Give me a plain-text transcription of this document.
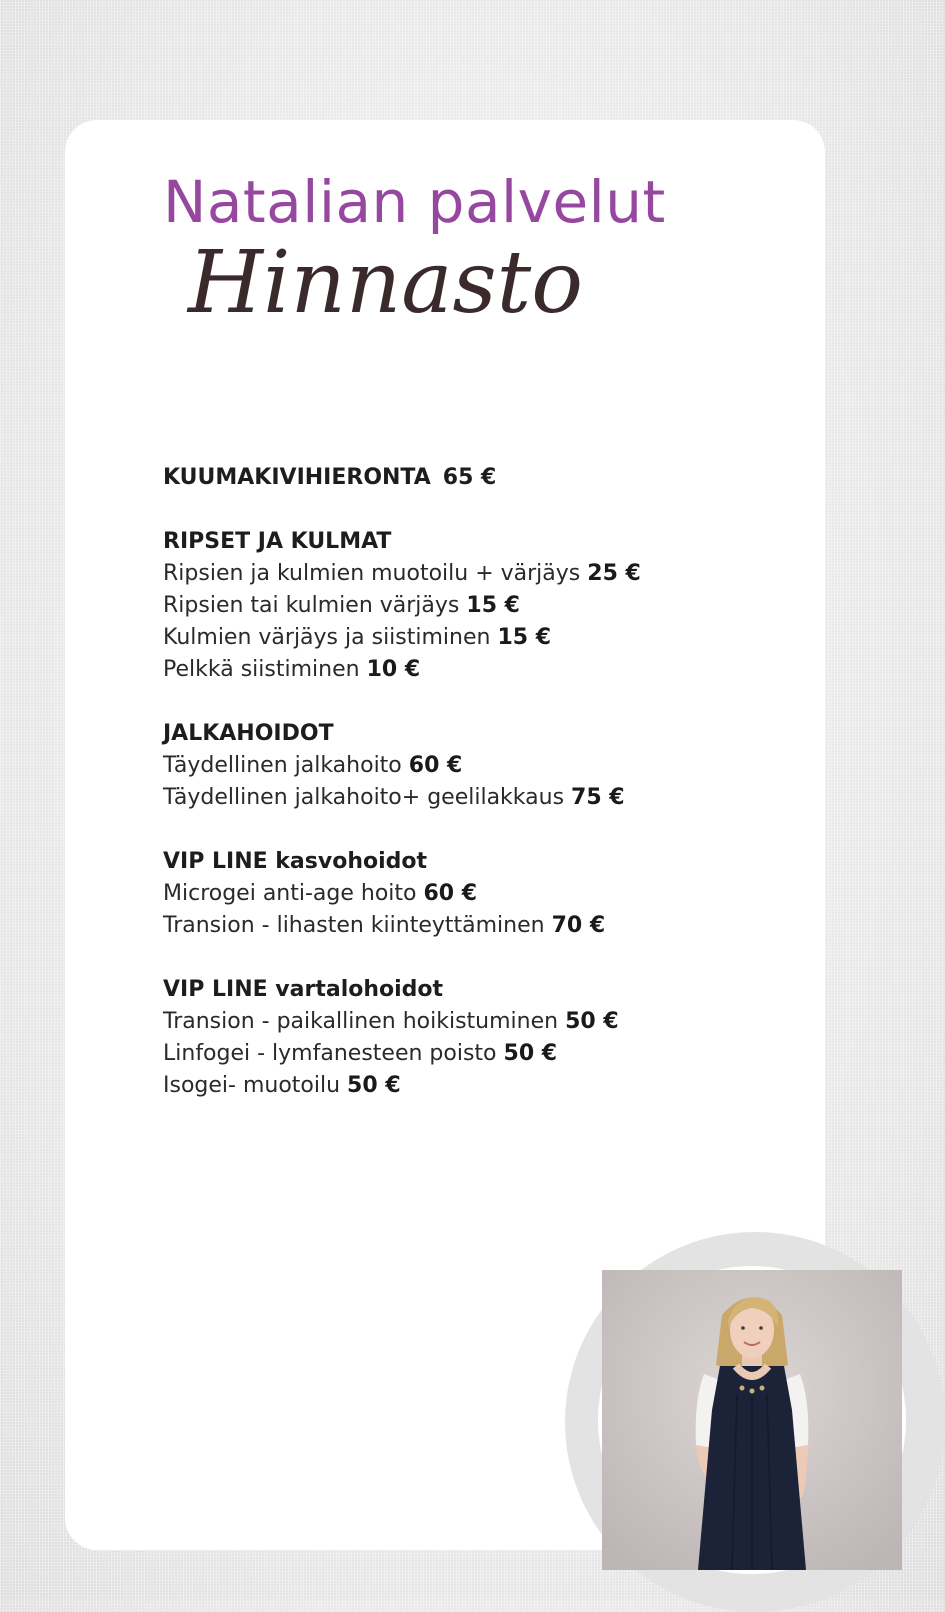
Natalian palvelut
Hinnasto
KUUMAKIVIHIERONTA 65 €
RIPSET JA KULMAT
Ripsien ja kulmien muotoilu + värjäys 25 €
Ripsien tai kulmien värjäys 15 €
Kulmien värjäys ja siistiminen 15 €
Pelkkä siistiminen 10 €
JALKAHOIDOT
Täydellinen jalkahoito 60 €
Täydellinen jalkahoito+ geelilakkaus 75 €
VIP LINE kasvohoidot
Microgei anti-age hoito 60 €
Transion - lihasten kiinteyttäminen 70 €
VIP LINE vartalohoidot
Transion - paikallinen hoikistuminen 50 €
Linfogei - lymfanesteen poisto 50 €
Isogei- muotoilu 50 €
